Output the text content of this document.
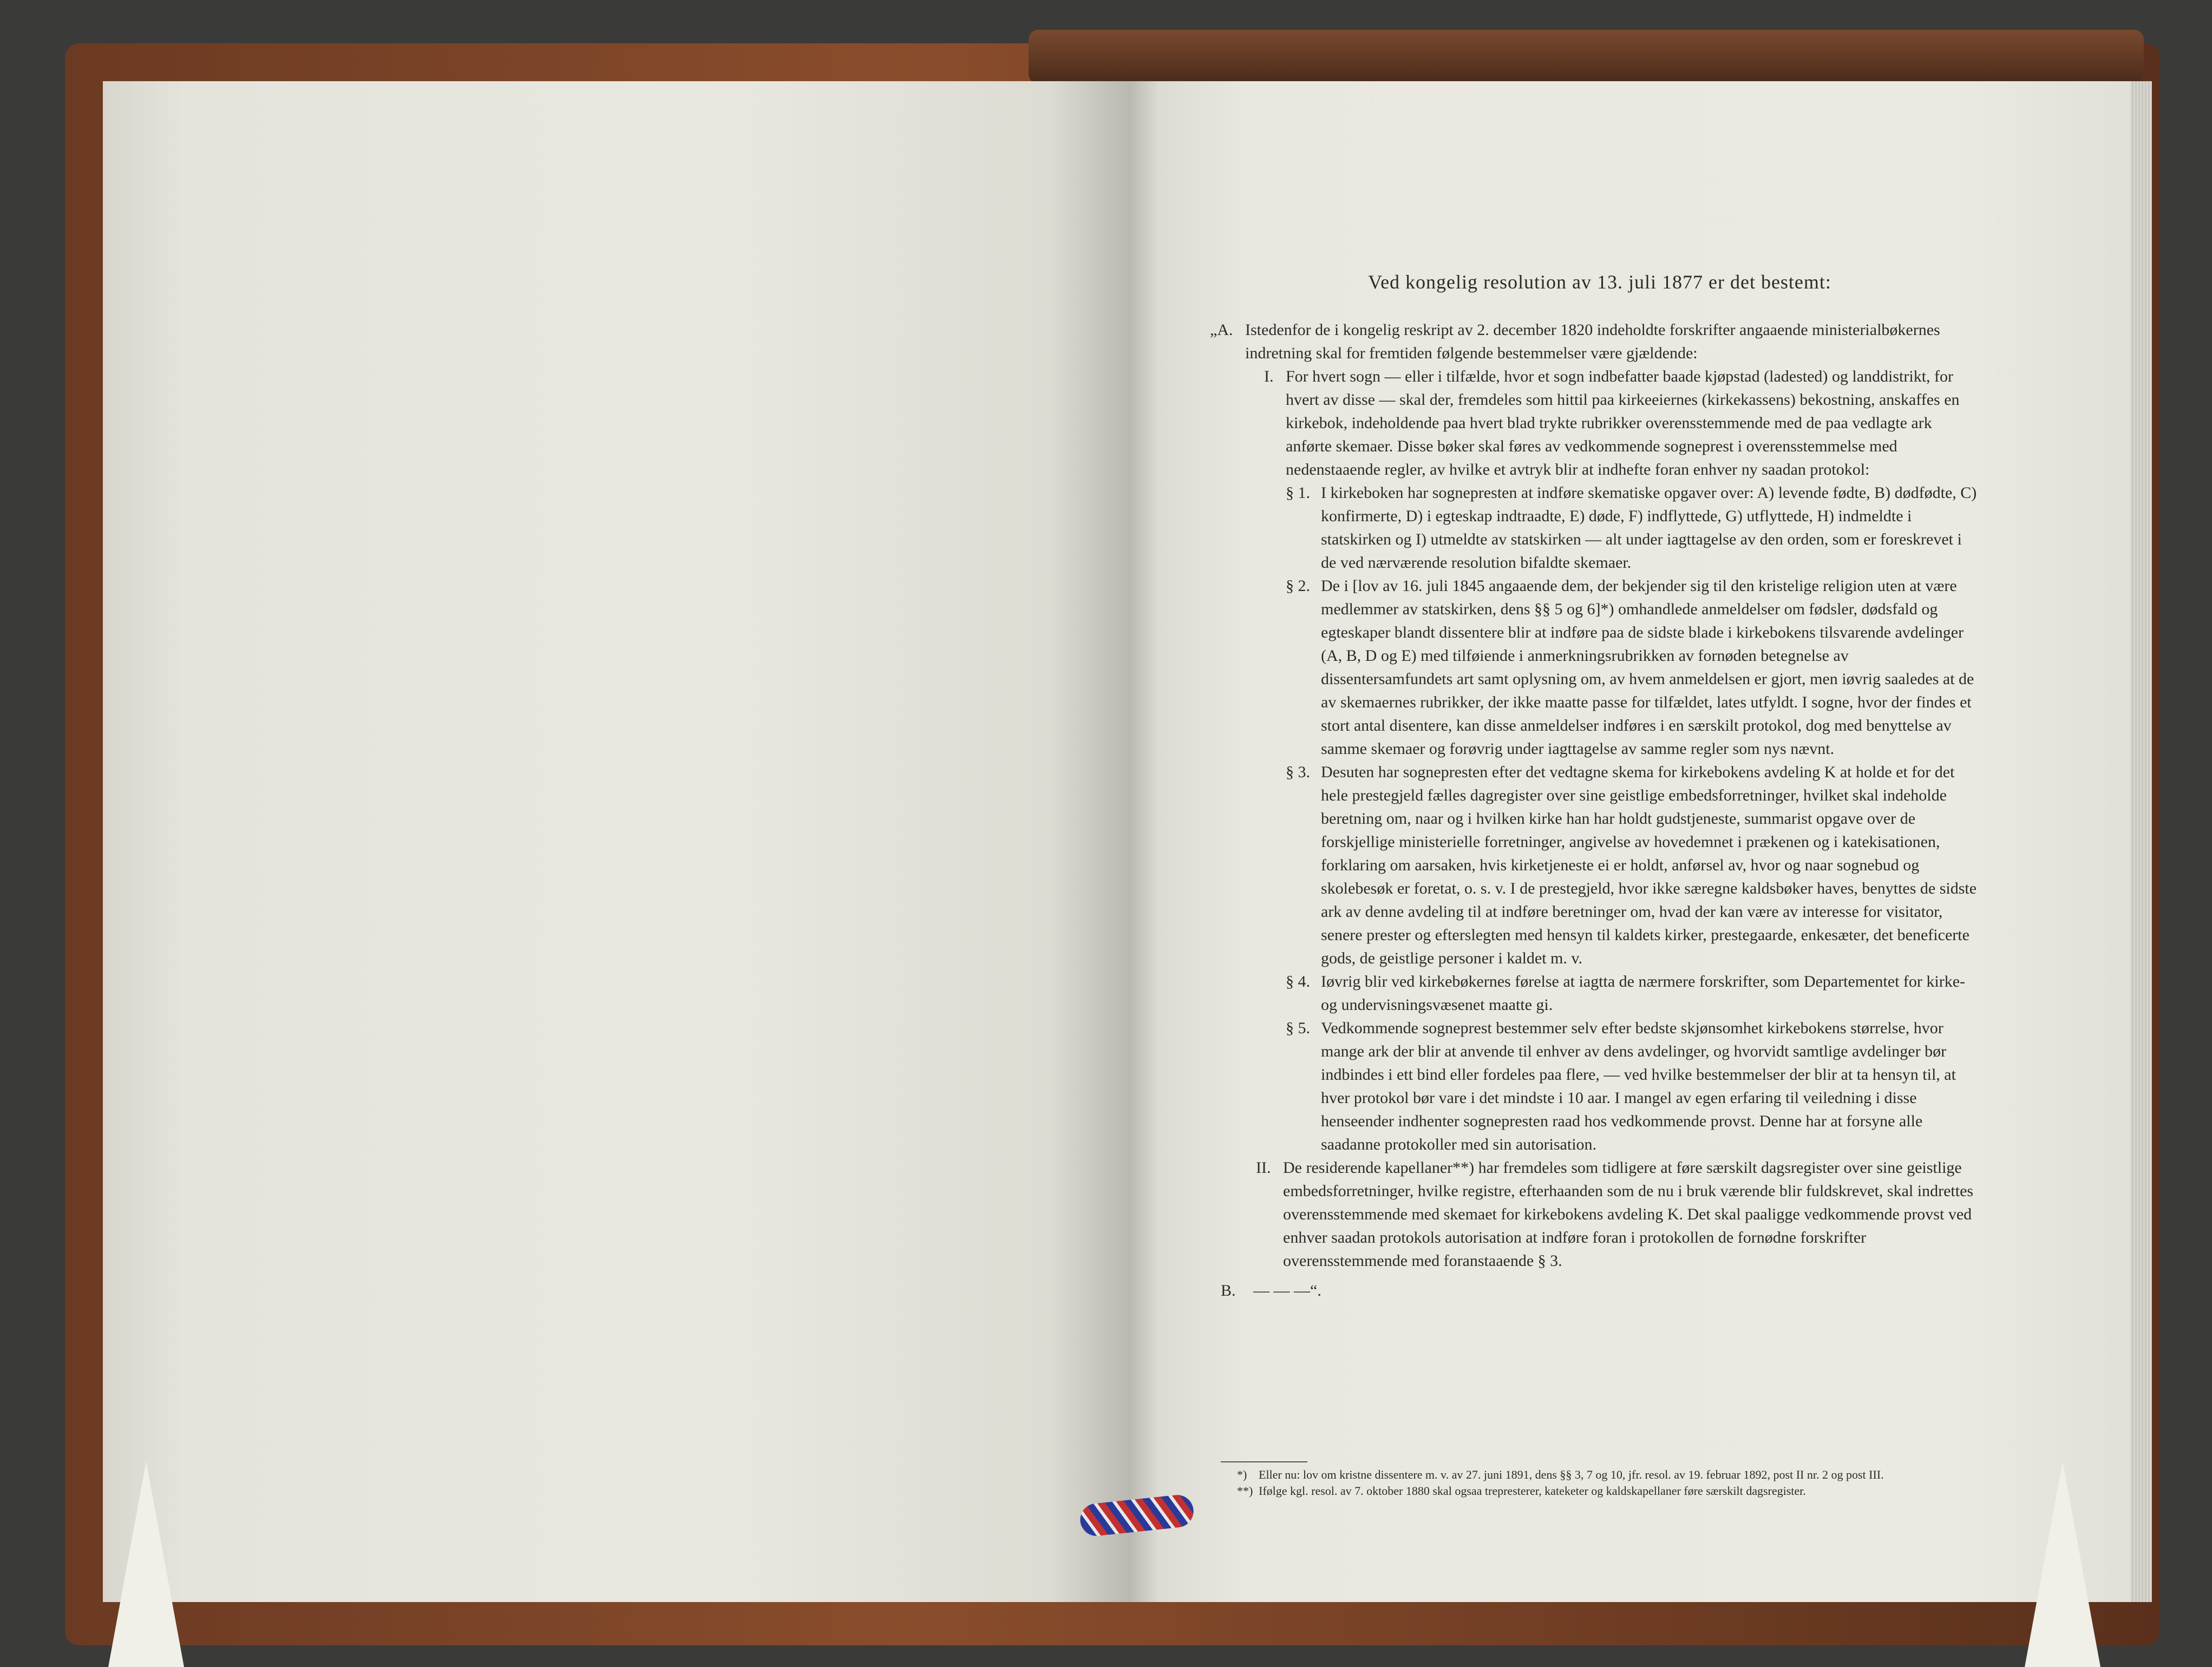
Ved kongelig resolution av 13. juli 1877 er det bestemt:
„A. Istedenfor de i kongelig reskript av 2. december 1820 indeholdte forskrifter angaaende ministerialbøkernes indretning skal for fremtiden følgende bestemmelser være gjældende:
I. For hvert sogn — eller i tilfælde, hvor et sogn indbefatter baade kjøpstad (ladested) og landdistrikt, for hvert av disse — skal der, fremdeles som hittil paa kirkeeiernes (kirkekassens) bekostning, anskaffes en kirkebok, indeholdende paa hvert blad trykte rubrikker overensstemmende med de paa vedlagte ark anførte skemaer. Disse bøker skal føres av vedkommende sogneprest i overensstemmelse med nedenstaaende regler, av hvilke et avtryk blir at indhefte foran enhver ny saadan protokol:
§ 1. I kirkeboken har sognepresten at indføre skematiske opgaver over: A) levende fødte, B) dødfødte, C) konfirmerte, D) i egteskap indtraadte, E) døde, F) indflyttede, G) utflyttede, H) indmeldte i statskirken og I) utmeldte av statskirken — alt under iagttagelse av den orden, som er foreskrevet i de ved nærværende resolution bifaldte skemaer.
§ 2. De i [lov av 16. juli 1845 angaaende dem, der bekjender sig til den kristelige religion uten at være medlemmer av statskirken, dens §§ 5 og 6]*) omhandlede anmeldelser om fødsler, dødsfald og egteskaper blandt dissentere blir at indføre paa de sidste blade i kirkebokens tilsvarende avdelinger (A, B, D og E) med tilføiende i anmerkningsrubrikken av fornøden betegnelse av dissentersamfundets art samt oplysning om, av hvem anmeldelsen er gjort, men iøvrig saaledes at de av skemaernes rubrikker, der ikke maatte passe for tilfældet, lates utfyldt. I sogne, hvor der findes et stort antal disentere, kan disse anmeldelser indføres i en særskilt protokol, dog med benyttelse av samme skemaer og forøvrig under iagttagelse av samme regler som nys nævnt.
§ 3. Desuten har sognepresten efter det vedtagne skema for kirkebokens avdeling K at holde et for det hele prestegjeld fælles dagregister over sine geistlige embedsforretninger, hvilket skal indeholde beretning om, naar og i hvilken kirke han har holdt gudstjeneste, summarist opgave over de forskjellige ministerielle forretninger, angivelse av hovedemnet i prækenen og i katekisationen, forklaring om aarsaken, hvis kirketjeneste ei er holdt, anførsel av, hvor og naar sognebud og skolebesøk er foretat, o. s. v. I de prestegjeld, hvor ikke særegne kaldsbøker haves, benyttes de sidste ark av denne avdeling til at indføre beretninger om, hvad der kan være av interesse for visitator, senere prester og efterslegten med hensyn til kaldets kirker, prestegaarde, enkesæter, det beneficerte gods, de geistlige personer i kaldet m. v.
§ 4. Iøvrig blir ved kirkebøkernes førelse at iagtta de nærmere forskrifter, som Departementet for kirke- og undervisningsvæsenet maatte gi.
§ 5. Vedkommende sogneprest bestemmer selv efter bedste skjønsomhet kirkebokens størrelse, hvor mange ark der blir at anvende til enhver av dens avdelinger, og hvorvidt samtlige avdelinger bør indbindes i ett bind eller fordeles paa flere, — ved hvilke bestemmelser der blir at ta hensyn til, at hver protokol bør vare i det mindste i 10 aar. I mangel av egen erfaring til veiledning i disse henseender indhenter sognepresten raad hos vedkommende provst. Denne har at forsyne alle saadanne protokoller med sin autorisation.
II. De residerende kapellaner**) har fremdeles som tidligere at føre særskilt dagsregister over sine geistlige embedsforretninger, hvilke registre, efterhaanden som de nu i bruk værende blir fuldskrevet, skal indrettes overensstemmende med skemaet for kirkebokens avdeling K. Det skal paaligge vedkommende provst ved enhver saadan protokols autorisation at indføre foran i protokollen de fornødne forskrifter overensstemmende med foranstaaende § 3.
B. — — —“.

*) Eller nu: lov om kristne dissentere m. v. av 27. juni 1891, dens §§ 3, 7 og 10, jfr. resol. av 19. februar 1892, post II nr. 2 og post III.

**) Ifølge kgl. resol. av 7. oktober 1880 skal ogsaa trepresterer, kateketer og kaldskapellaner føre særskilt dagsregister.
